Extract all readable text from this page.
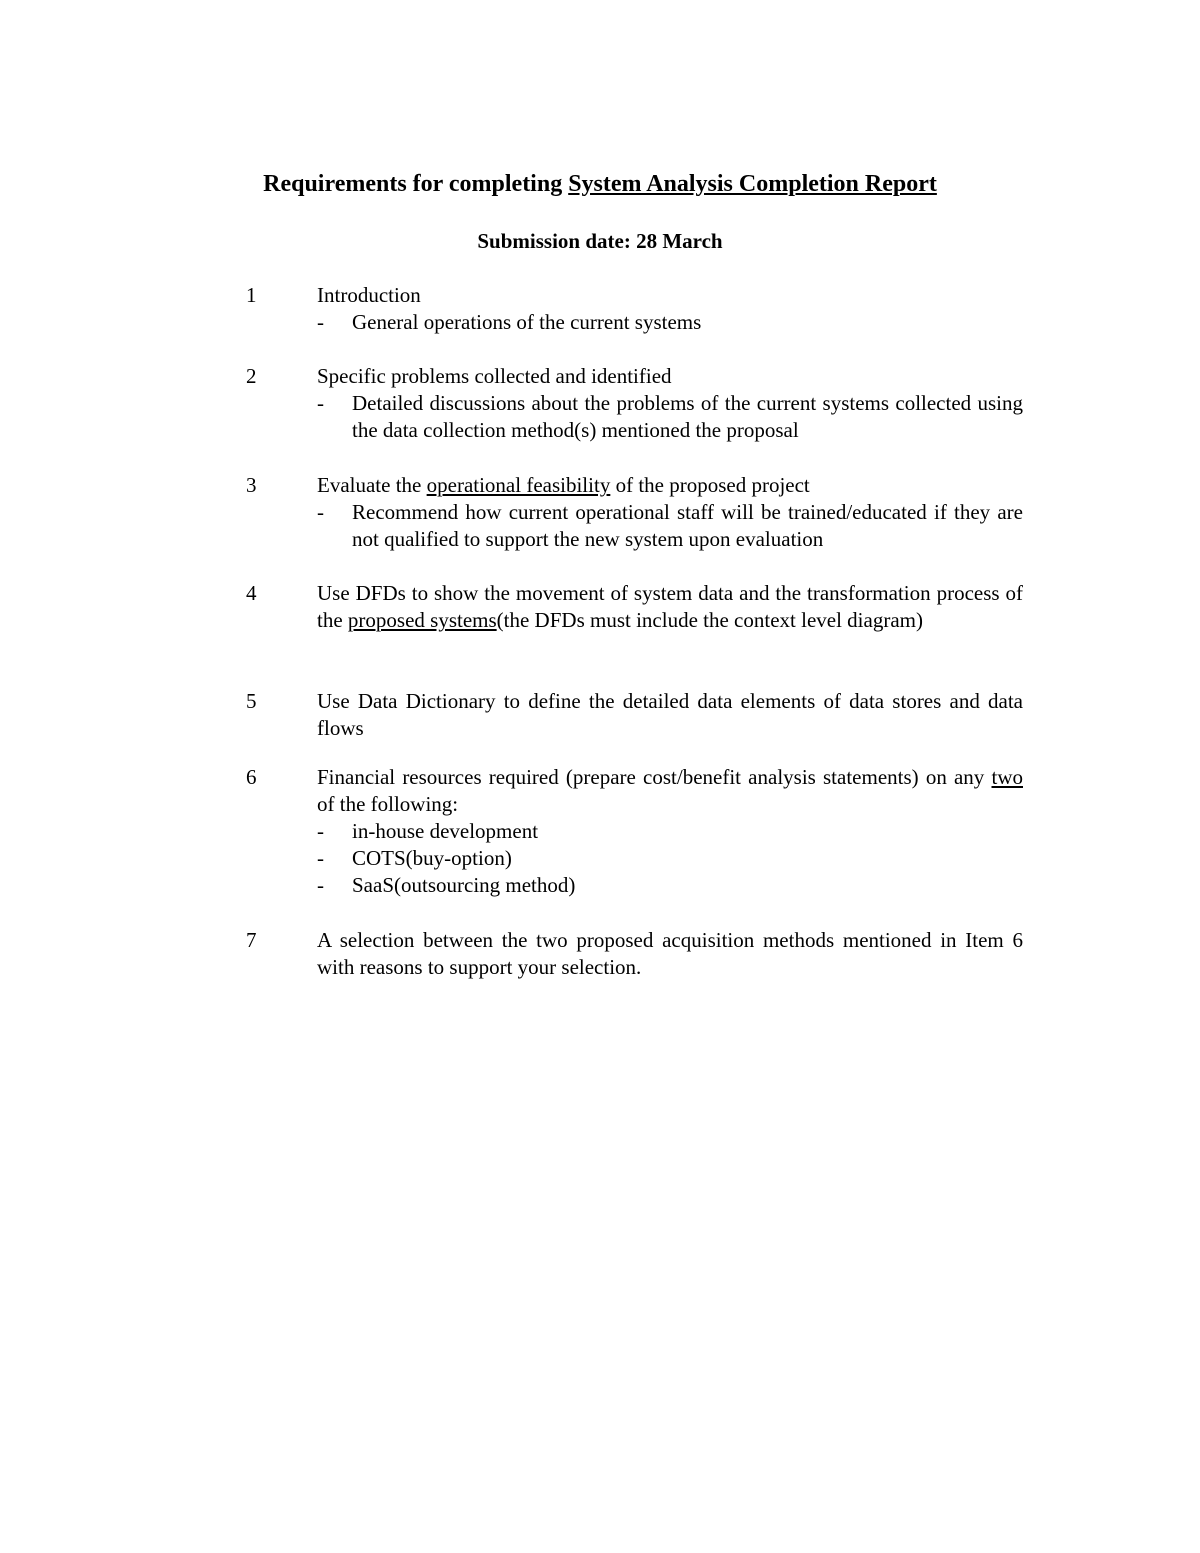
Requirements for completing System Analysis Completion Report
Submission date: 28 March
1	Introduction
- General operations of the current systems
2	Specific problems collected and identified
- Detailed discussions about the problems of the current systems collected using the data collection method(s) mentioned the proposal
3	Evaluate the operational feasibility of the proposed project
- Recommend how current operational staff will be trained/educated if they are not qualified to support the new system upon evaluation
4	Use DFDs to show the movement of system data and the transformation process of the proposed systems(the DFDs must include the context level diagram)
5	Use Data Dictionary to define the detailed data elements of data stores and data flows
6	Financial resources required (prepare cost/benefit analysis statements) on any two of the following:
- in-house development
- COTS(buy-option)
- SaaS(outsourcing method)
7	A selection between the two proposed acquisition methods mentioned in Item 6 with reasons to support your selection.
